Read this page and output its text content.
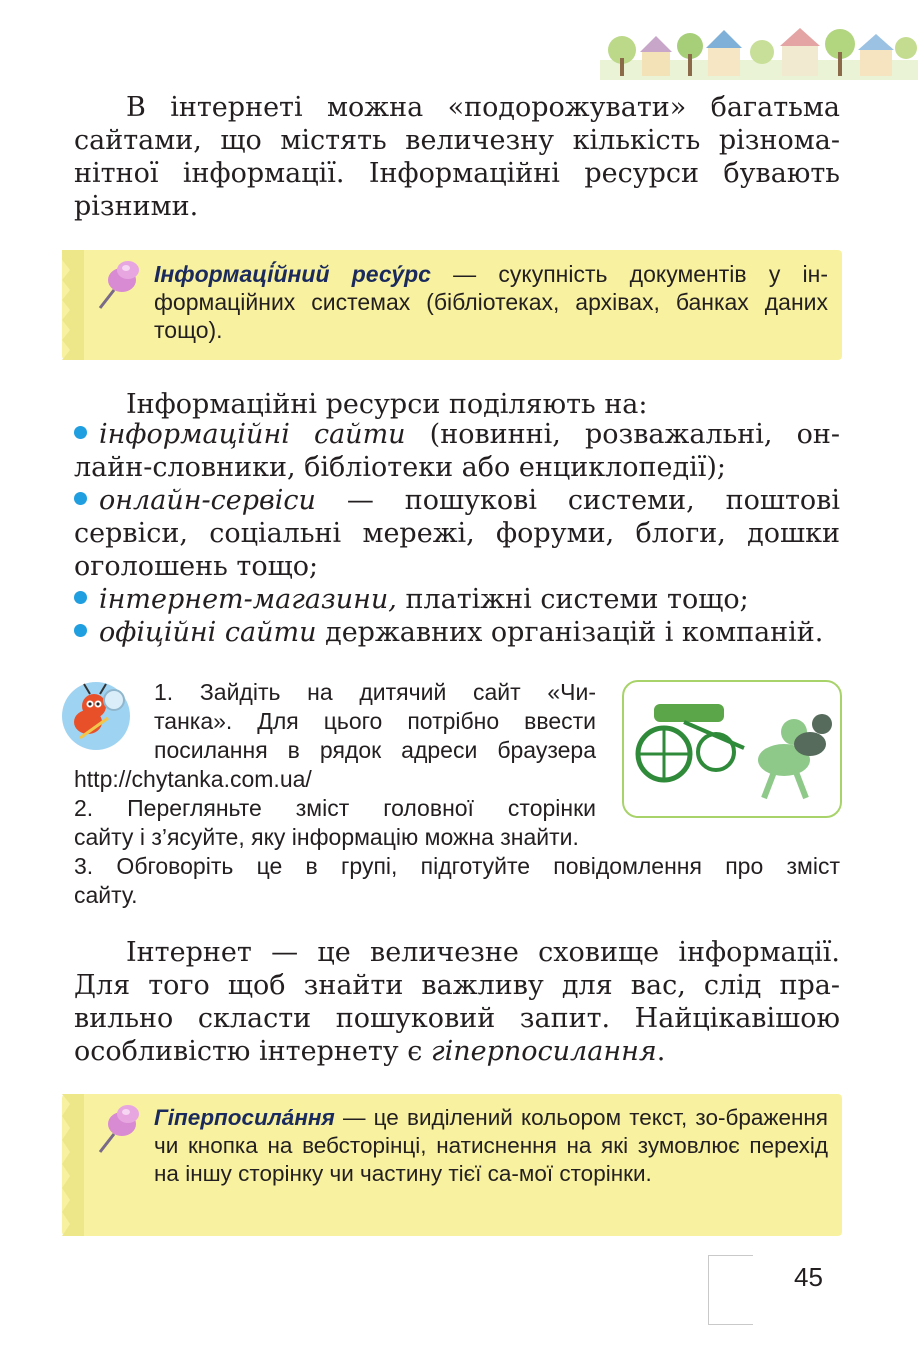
В інтернеті можна «подорожувати» багатьма
сайтами, що містять величезну кількість різнома-
нітної інформації. Інформаційні ресурси бувають
різними.
Інформаці́йний ресу́рс — сукупність документів у ін-формаційних системах (бібліотеках, архівах, банках даних тощо).
Інформаційні ресурси поділяють на:
інформаційні сайти (новинні, розважальні, он-лайн-словники, бібліотеки або енциклопедії);
онлайн-сервіси — пошукові системи, поштові сервіси, соціальні мережі, форуми, блоги, дошки оголошень тощо;
інтернет-магазини, платіжні системи тощо;
офіційні сайти державних організацій і компаній.
1. Зайдіть на дитячий сайт «Чи-
танка». Для цього потрібно ввести
посилання в рядок адреси браузера
http://chytanka.com.ua/
2. Перегляньте зміст головної сторінки
сайту і з’ясуйте, яку інформацію можна знайти.
3. Обговоріть це в групі, підготуйте повідомлення про зміст
сайту.
Інтернет — це величезне сховище інформації.
Для того щоб знайти важливу для вас, слід пра-
вильно скласти пошуковий запит. Найцікавішою
особливістю інтернету є гіперпосилання.
Гіперпосила́ння — це виділений кольором текст, зо-браження чи кнопка на вебсторінці, натиснення на які зумовлює перехід на іншу сторінку чи частину тієї са-мої сторінки.
45
